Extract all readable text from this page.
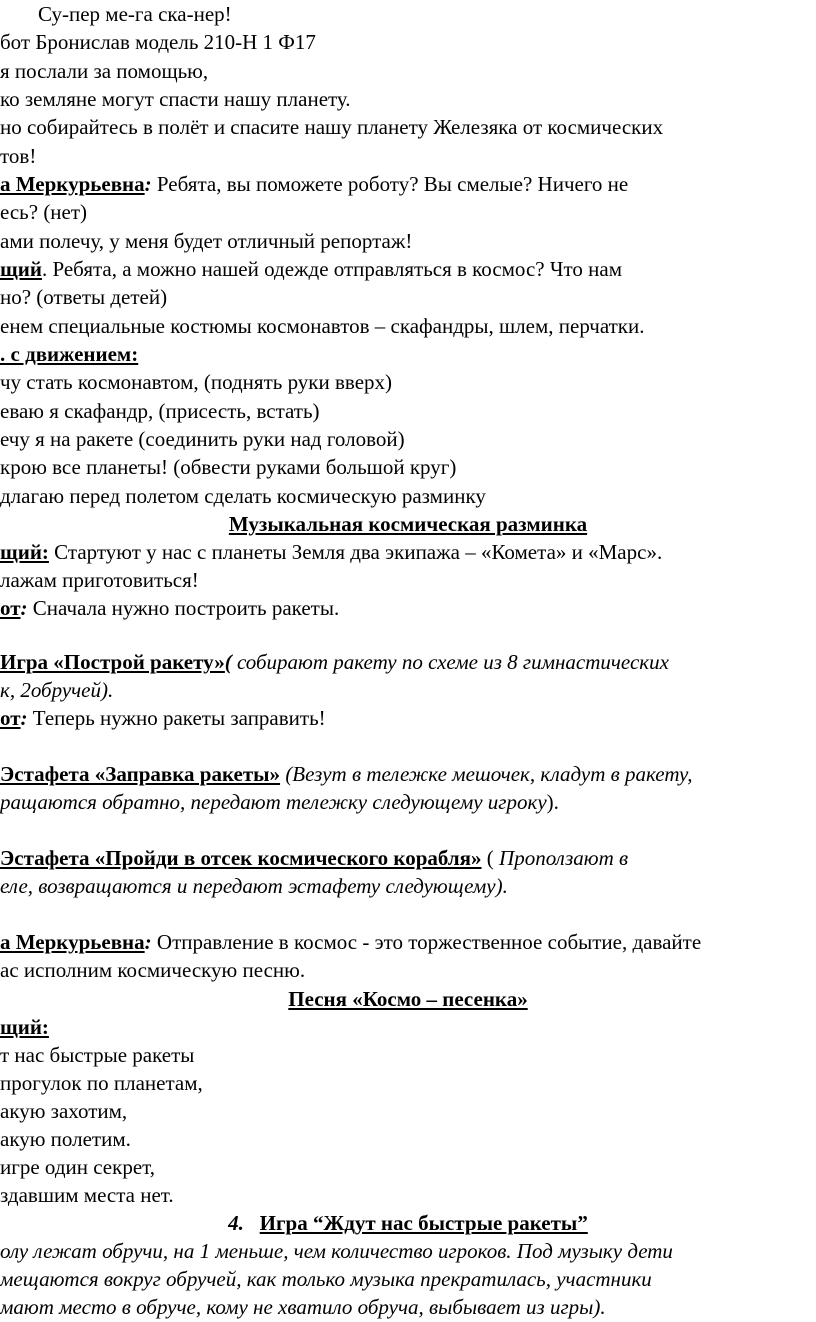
Су-пер ме-га ска-нер!
бот Бронислав модель 210-Н 1 Ф17
я послали за помощью,
ко земляне могут спасти нашу планету.
но собирайтесь в полёт и спасите нашу планету Железяка от космических
тов!
а Меркурьевна: Ребята, вы поможете роботу? Вы смелые? Ничего не
есь? (нет)
ами полечу, у меня будет отличный репортаж!
щий. Ребята, а можно нашей одежде отправляться в космос? Что нам
но? (ответы детей)
енем специальные костюмы космонавтов – скафандры, шлем, перчатки.
. с движением:
чу стать космонавтом, (поднять руки вверх)
еваю я скафандр, (присесть, встать)
ечу я на ракете (соединить руки над головой)
крою все планеты! (обвести руками большой круг)
длагаю перед полетом сделать космическую разминку
Музыкальная космическая разминка
щий: Стартуют у нас с планеты Земля два экипажа – «Комета» и «Марс».
лажам приготовиться!
от: Сначала нужно построить ракеты.
Игра «Построй ракету»( собирают ракету по схеме из 8 гимнастических
к, 2обручей).
от: Теперь нужно ракеты заправить!
Эстафета «Заправка ракеты» (Везут в тележке мешочек, кладут в ракету,
ращаются обратно, передают тележку следующему игроку).
Эстафета «Пройди в отсек космического корабля» ( Проползают в
еле, возвращаются и передают эстафету следующему).
а Меркурьевна: Отправление в космос - это торжественное событие, давайте
ас исполним космическую песню.
Песня «Космо – песенка»
щий:
т нас быстрые ракеты
прогулок по планетам,
акую захотим,
акую полетим.
игре один секрет,
здавшим места нет.
4. Игра “Ждут нас быстрые ракеты”
олу лежат обручи, на 1 меньше, чем количество игроков. Под музыку дети
мещаются вокруг обручей, как только музыка прекратилась, участники
мают место в обруче, кому не хватило обруча, выбывает из игры).
